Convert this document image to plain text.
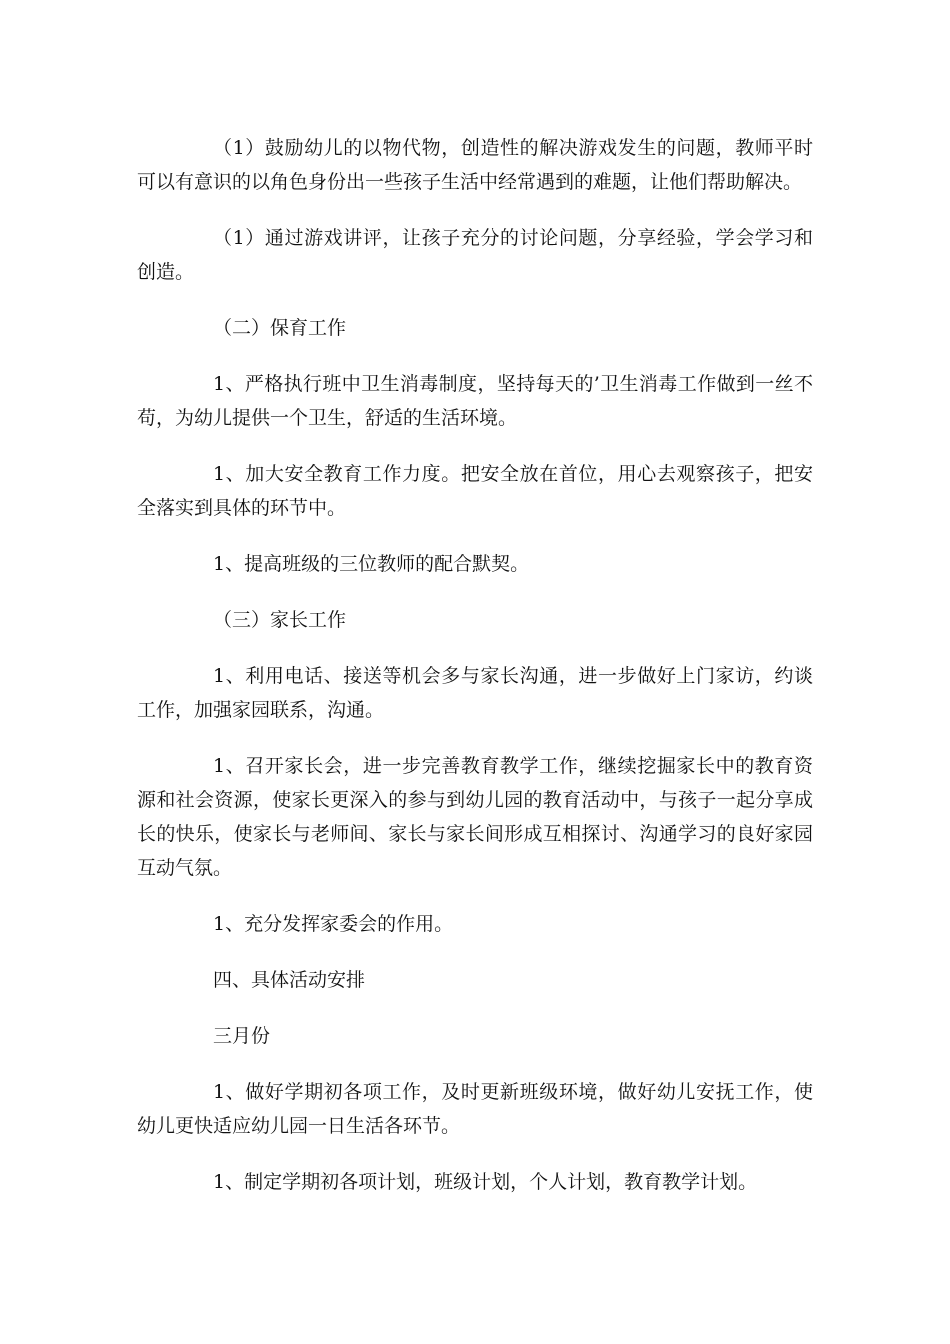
（1）鼓励幼儿的以物代物，创造性的解决游戏发生的问题，教师平时可以有意识的以角色身份出一些孩子生活中经常遇到的难题，让他们帮助解决。

（1）通过游戏讲评，让孩子充分的讨论问题，分享经验，学会学习和创造。

（二）保育工作

1、严格执行班中卫生消毒制度，坚持每天的’卫生消毒工作做到一丝不苟，为幼儿提供一个卫生，舒适的生活环境。

1、加大安全教育工作力度。把安全放在首位，用心去观察孩子，把安全落实到具体的环节中。

1、提高班级的三位教师的配合默契。

（三）家长工作

1、利用电话、接送等机会多与家长沟通，进一步做好上门家访，约谈工作，加强家园联系，沟通。

1、召开家长会，进一步完善教育教学工作，继续挖掘家长中的教育资源和社会资源，使家长更深入的参与到幼儿园的教育活动中，与孩子一起分享成长的快乐，使家长与老师间、家长与家长间形成互相探讨、沟通学习的良好家园互动气氛。

1、充分发挥家委会的作用。

四、具体活动安排

三月份

1、做好学期初各项工作，及时更新班级环境，做好幼儿安抚工作，使幼儿更快适应幼儿园一日生活各环节。

1、制定学期初各项计划，班级计划，个人计划，教育教学计划。
